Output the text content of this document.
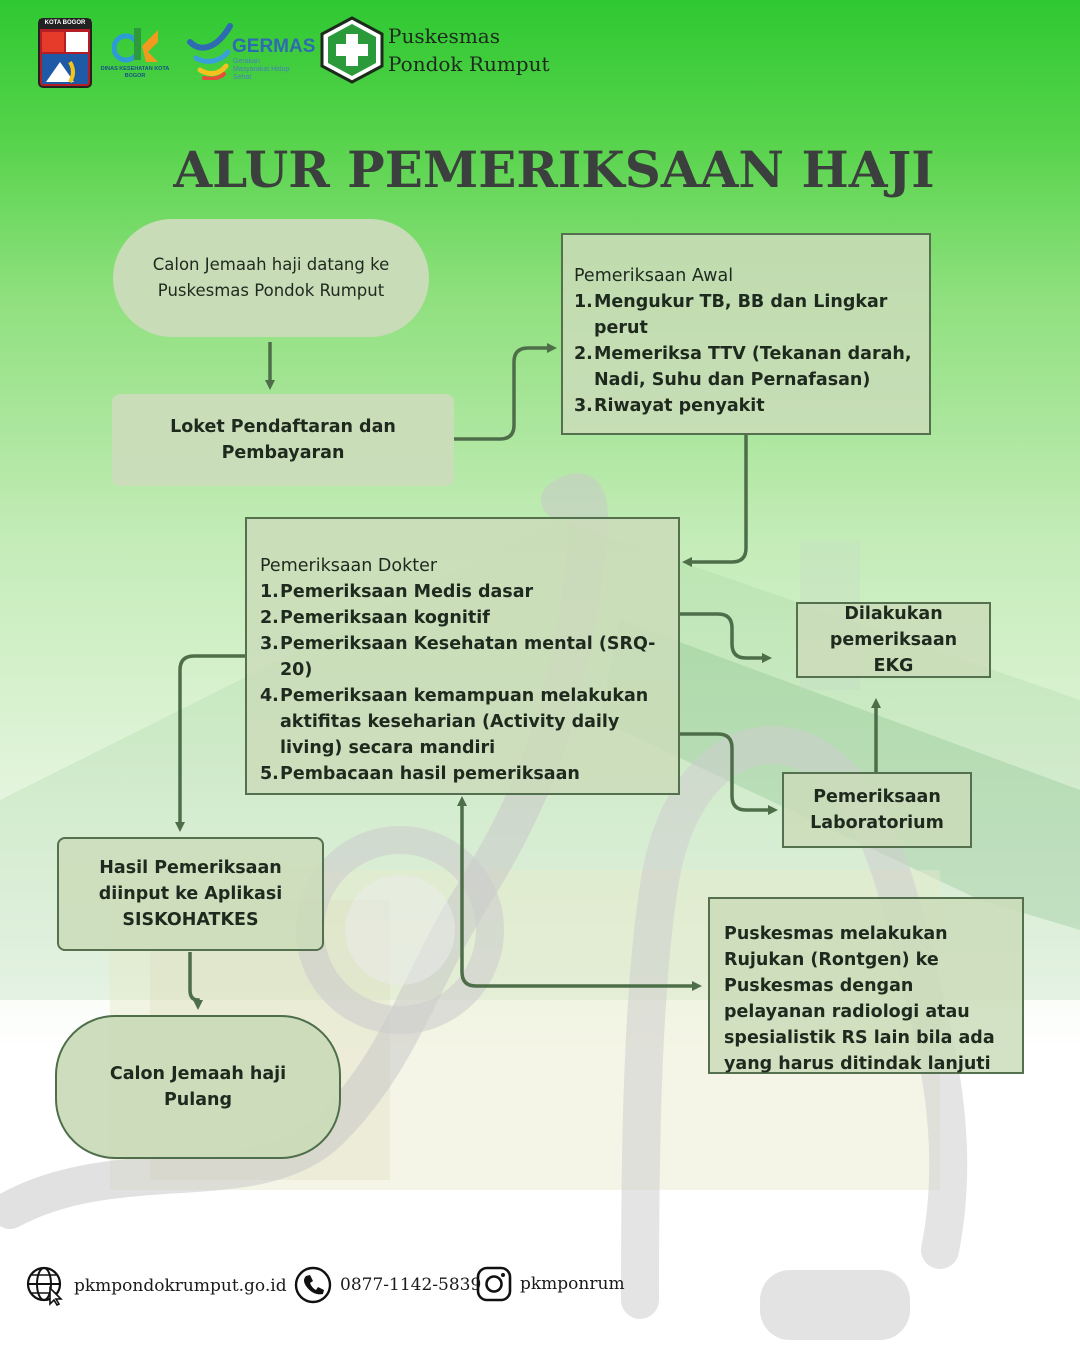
KOTA BOGOR
DINAS KESEHATAN KOTA BOGOR
GERMAS
Gerakan Masyarakat Hidup Sehat
Puskesmas
Pondok Rumput
ALUR PEMERIKSAAN HAJI
Calon Jemaah haji datang ke Puskesmas Pondok Rumput
Loket Pendaftaran dan Pembayaran
Pemeriksaan Awal
1. Mengukur TB, BB dan Lingkar perut
2. Memeriksa TTV (Tekanan darah, Nadi, Suhu dan Pernafasan)
3. Riwayat penyakit
Pemeriksaan Dokter
1. Pemeriksaan Medis dasar
2. Pemeriksaan kognitif
3. Pemeriksaan Kesehatan mental (SRQ-20)
4. Pemeriksaan kemampuan melakukan aktifitas keseharian (Activity daily living) secara mandiri
5. Pembacaan hasil pemeriksaan
Dilakukan pemeriksaan EKG
Pemeriksaan Laboratorium
Puskesmas melakukan Rujukan (Rontgen) ke Puskesmas dengan pelayanan radiologi atau spesialistik RS lain bila ada yang harus ditindak lanjuti
Hasil Pemeriksaan diinput ke Aplikasi SISKOHATKES
Calon Jemaah haji Pulang
pkmpondokrumput.go.id	0877-1142-5839 pkmponrum
